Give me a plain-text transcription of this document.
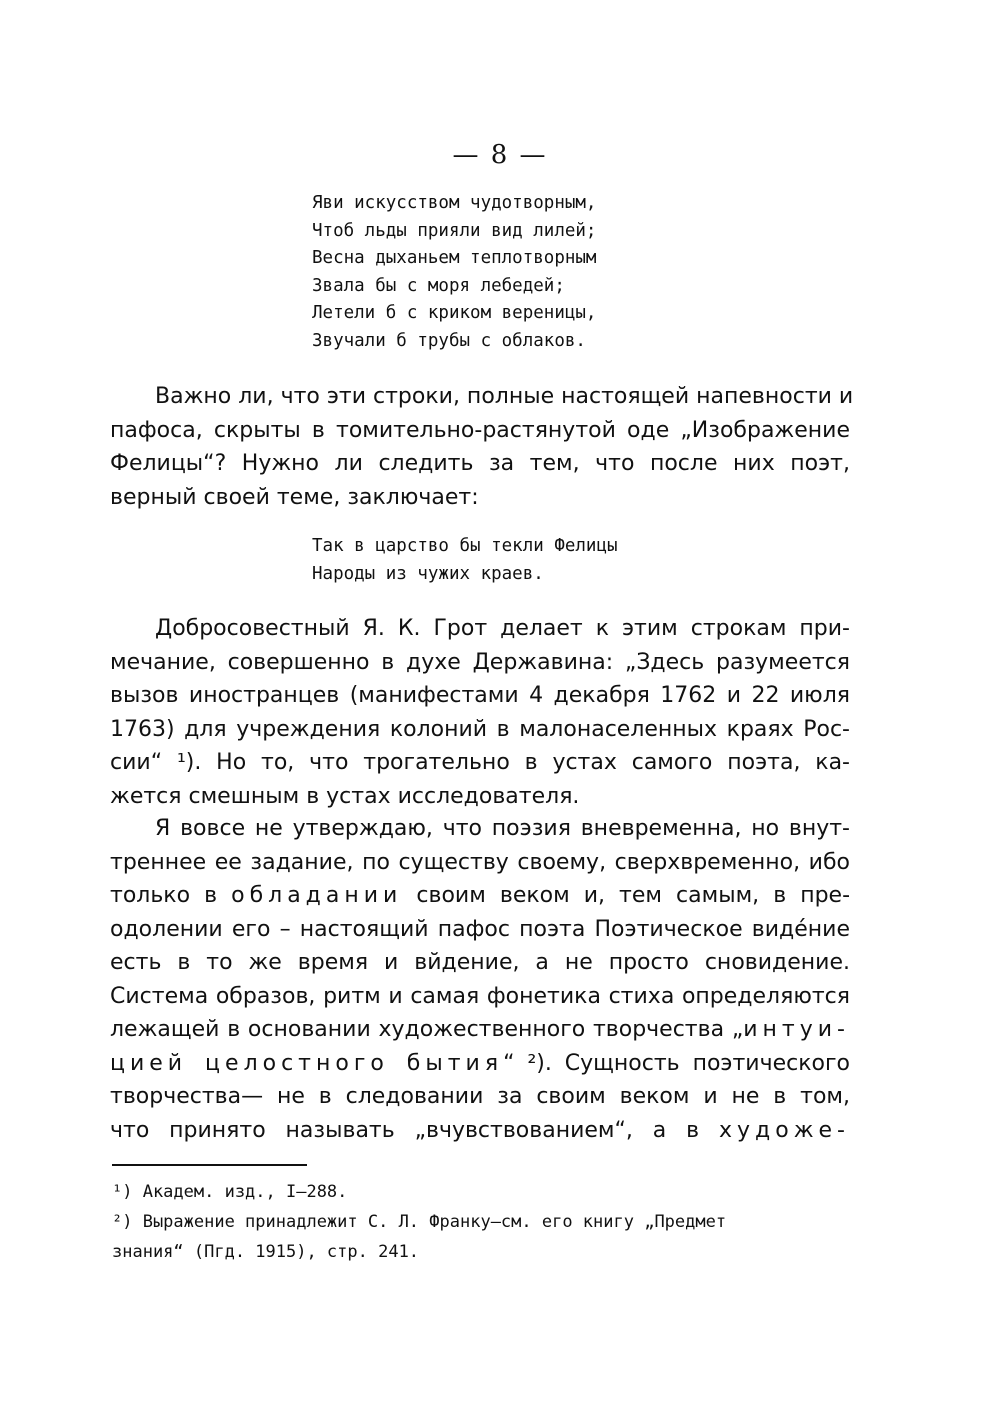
— 8 —
Яви искусством чудотворным,
Чтоб льды прияли вид лилей;
Весна дыханьем теплотворным
Звала бы с моря лебедей;
Летели б с криком вереницы,
Звучали б трубы с облаков.
Важно ли, что эти строки, полные настоящей напевности и
пафоса, скрыты в томительно-растянутой оде „Изображение
Фелицы“? Нужно ли следить за тем, что после них поэт,
верный своей теме, заключает:
Так в царство бы текли Фелицы
Народы из чужих краев.
Добросовестный Я. К. Грот делает к этим строкам при-
мечание, совершенно в духе Державина: „Здесь разумеется
вызов иностранцев (манифестами 4 декабря 1762 и 22 июля
1763) для учреждения колоний в малонаселенных краях Рос-
сии“ ¹). Но то, что трогательно в устах самого поэта, ка-
жется смешным в устах исследователя.
Я вовсе не утверждаю, что поэзия вневременна, но внут-
треннее ее задание, по существу своему, сверхвременно, ибо
только в обладании своим веком и, тем самым, в пре-
одолении его – настоящий пафос поэта Поэтическое видéние
есть в то же время и вйдение, а не просто сновидение.
Система образов, ритм и самая фонетика стиха определяются
лежащей в основании художественного творчества „интуи-
цией целостного бытия“ ²). Сущность поэтического
творчества— не в следовании за своим веком и не в том,
что принято называть „вчувствованием“, а в художе-
¹) Академ. изд., I—288.
²) Выражение принадлежит С. Л. Франку—см. его книгу „Предмет
знания“ (Пгд. 1915), стр. 241.
